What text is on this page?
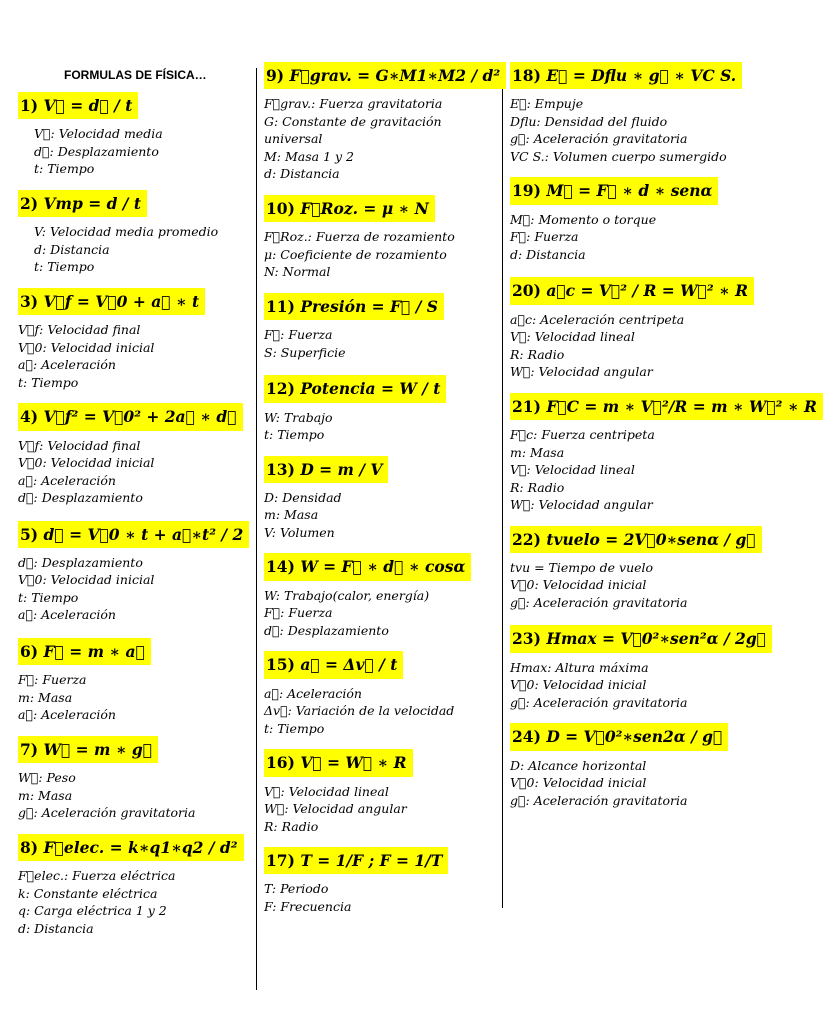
FORMULAS DE FÍSICA…
1) V⃗ = d⃗ / t
V⃗: Velocidad media
d⃗: Desplazamiento
t: Tiempo
2) Vmp = d / t
V: Velocidad media promedio
d: Distancia
t: Tiempo
3) V⃗f = V⃗0 + a⃗ ∗ t
V⃗f: Velocidad final
V⃗0: Velocidad inicial
a⃗: Aceleración
t: Tiempo
4) V⃗f² = V⃗0² + 2a⃗ ∗ d⃗
V⃗f: Velocidad final
V⃗0: Velocidad inicial
a⃗: Aceleración
d⃗: Desplazamiento
5) d⃗ = V⃗0 ∗ t + a⃗∗t² / 2
d⃗: Desplazamiento
V⃗0: Velocidad inicial
t: Tiempo
a⃗: Aceleración
6) F⃗ = m ∗ a⃗
F⃗: Fuerza
m: Masa
a⃗: Aceleración
7) W⃗ = m ∗ g⃗
W⃗: Peso
m: Masa
g⃗: Aceleración gravitatoria
8) F⃗elec. = k∗q1∗q2 / d²
F⃗elec.: Fuerza eléctrica
k: Constante eléctrica
q: Carga eléctrica 1 y 2
d: Distancia
9) F⃗grav. = G∗M1∗M2 / d²
F⃗grav.: Fuerza gravitatoria
G: Constante de gravitación universal
M: Masa 1 y 2
d: Distancia
10) F⃗Roz. = μ ∗ N
F⃗Roz.: Fuerza de rozamiento
μ: Coeficiente de rozamiento
N: Normal
11) Presión = F⃗ / S
F⃗: Fuerza
S: Superficie
12) Potencia = W / t
W: Trabajo
t: Tiempo
13) D = m / V
D: Densidad
m: Masa
V: Volumen
14) W = F⃗ ∗ d⃗ ∗ cosα
W: Trabajo(calor, energía)
F⃗: Fuerza
d⃗: Desplazamiento
15) a⃗ = Δv⃗ / t
a⃗: Aceleración
Δv⃗: Variación de la velocidad
t: Tiempo
16) V⃗ = W⃗ ∗ R
V⃗: Velocidad lineal
W⃗: Velocidad angular
R: Radio
17) T = 1/F ; F = 1/T
T: Periodo
F: Frecuencia
18) E⃗ = Dflu ∗ g⃗ ∗ VC S.
E⃗: Empuje
Dflu: Densidad del fluido
g⃗: Aceleración gravitatoria
VC S.: Volumen cuerpo sumergido
19) M⃗ = F⃗ ∗ d ∗ senα
M⃗: Momento o torque
F⃗: Fuerza
d: Distancia
20) a⃗c = V⃗² / R = W⃗² ∗ R
a⃗c: Aceleración centripeta
V⃗: Velocidad lineal
R: Radio
W⃗: Velocidad angular
21) F⃗C = m ∗ V⃗²/R = m ∗ W⃗² ∗ R
F⃗c: Fuerza centripeta
m: Masa
V⃗: Velocidad lineal
R: Radio
W⃗: Velocidad angular
22) tvuelo = 2V⃗0∗senα / g⃗
tvu = Tiempo de vuelo
V⃗0: Velocidad inicial
g⃗: Aceleración gravitatoria
23) Hmax = V⃗0²∗sen²α / 2g⃗
Hmax: Altura máxima
V⃗0: Velocidad inicial
g⃗: Aceleración gravitatoria
24) D = V⃗0²∗sen2α / g⃗
D: Alcance horizontal
V⃗0: Velocidad inicial
g⃗: Aceleración gravitatoria
